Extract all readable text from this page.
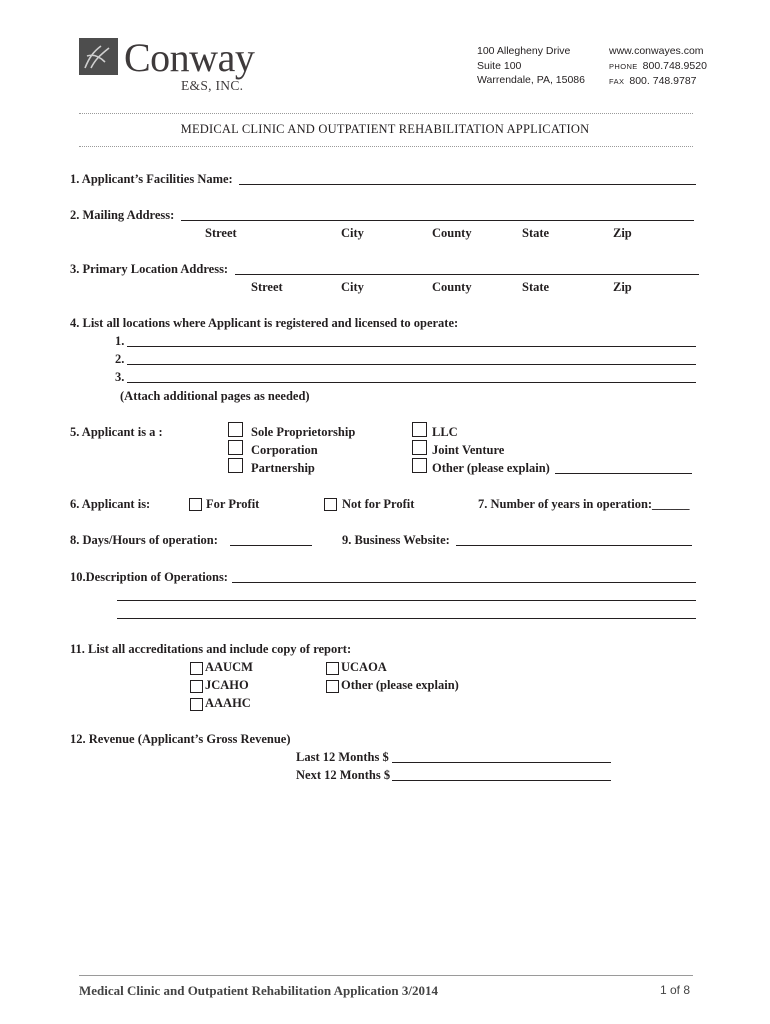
Conway
E&S, INC.
100 Allegheny Drive
Suite 100
Warrendale, PA, 15086
www.conwayes.com
PHONE 800.748.9520
FAX 800. 748.9787
MEDICAL CLINIC AND OUTPATIENT REHABILITATION APPLICATION
1. Applicant’s Facilities Name:
2. Mailing Address:
Street	City	County	State	Zip
3. Primary Location Address:
Street	City	County	State	Zip
4. List all locations where Applicant is registered and licensed to operate:
1.
2.
3.
(Attach additional pages as needed)
5. Applicant is a :	Sole Proprietorship
Corporation
Partnership
LLC
Joint Venture
Other (please explain)
6. Applicant is:	For Profit	Not for Profit	7. Number of years in operation:______
8. Days/Hours of operation:	9. Business Website:
10.Description of Operations:
11. List all accreditations and include copy of report:
AAUCM
JCAHO
AAAHC
UCAOA
Other (please explain)
12. Revenue (Applicant’s Gross Revenue)
Last 12 Months $
Next 12 Months $
Medical Clinic and Outpatient Rehabilitation Application 3/2014	1 of 8
